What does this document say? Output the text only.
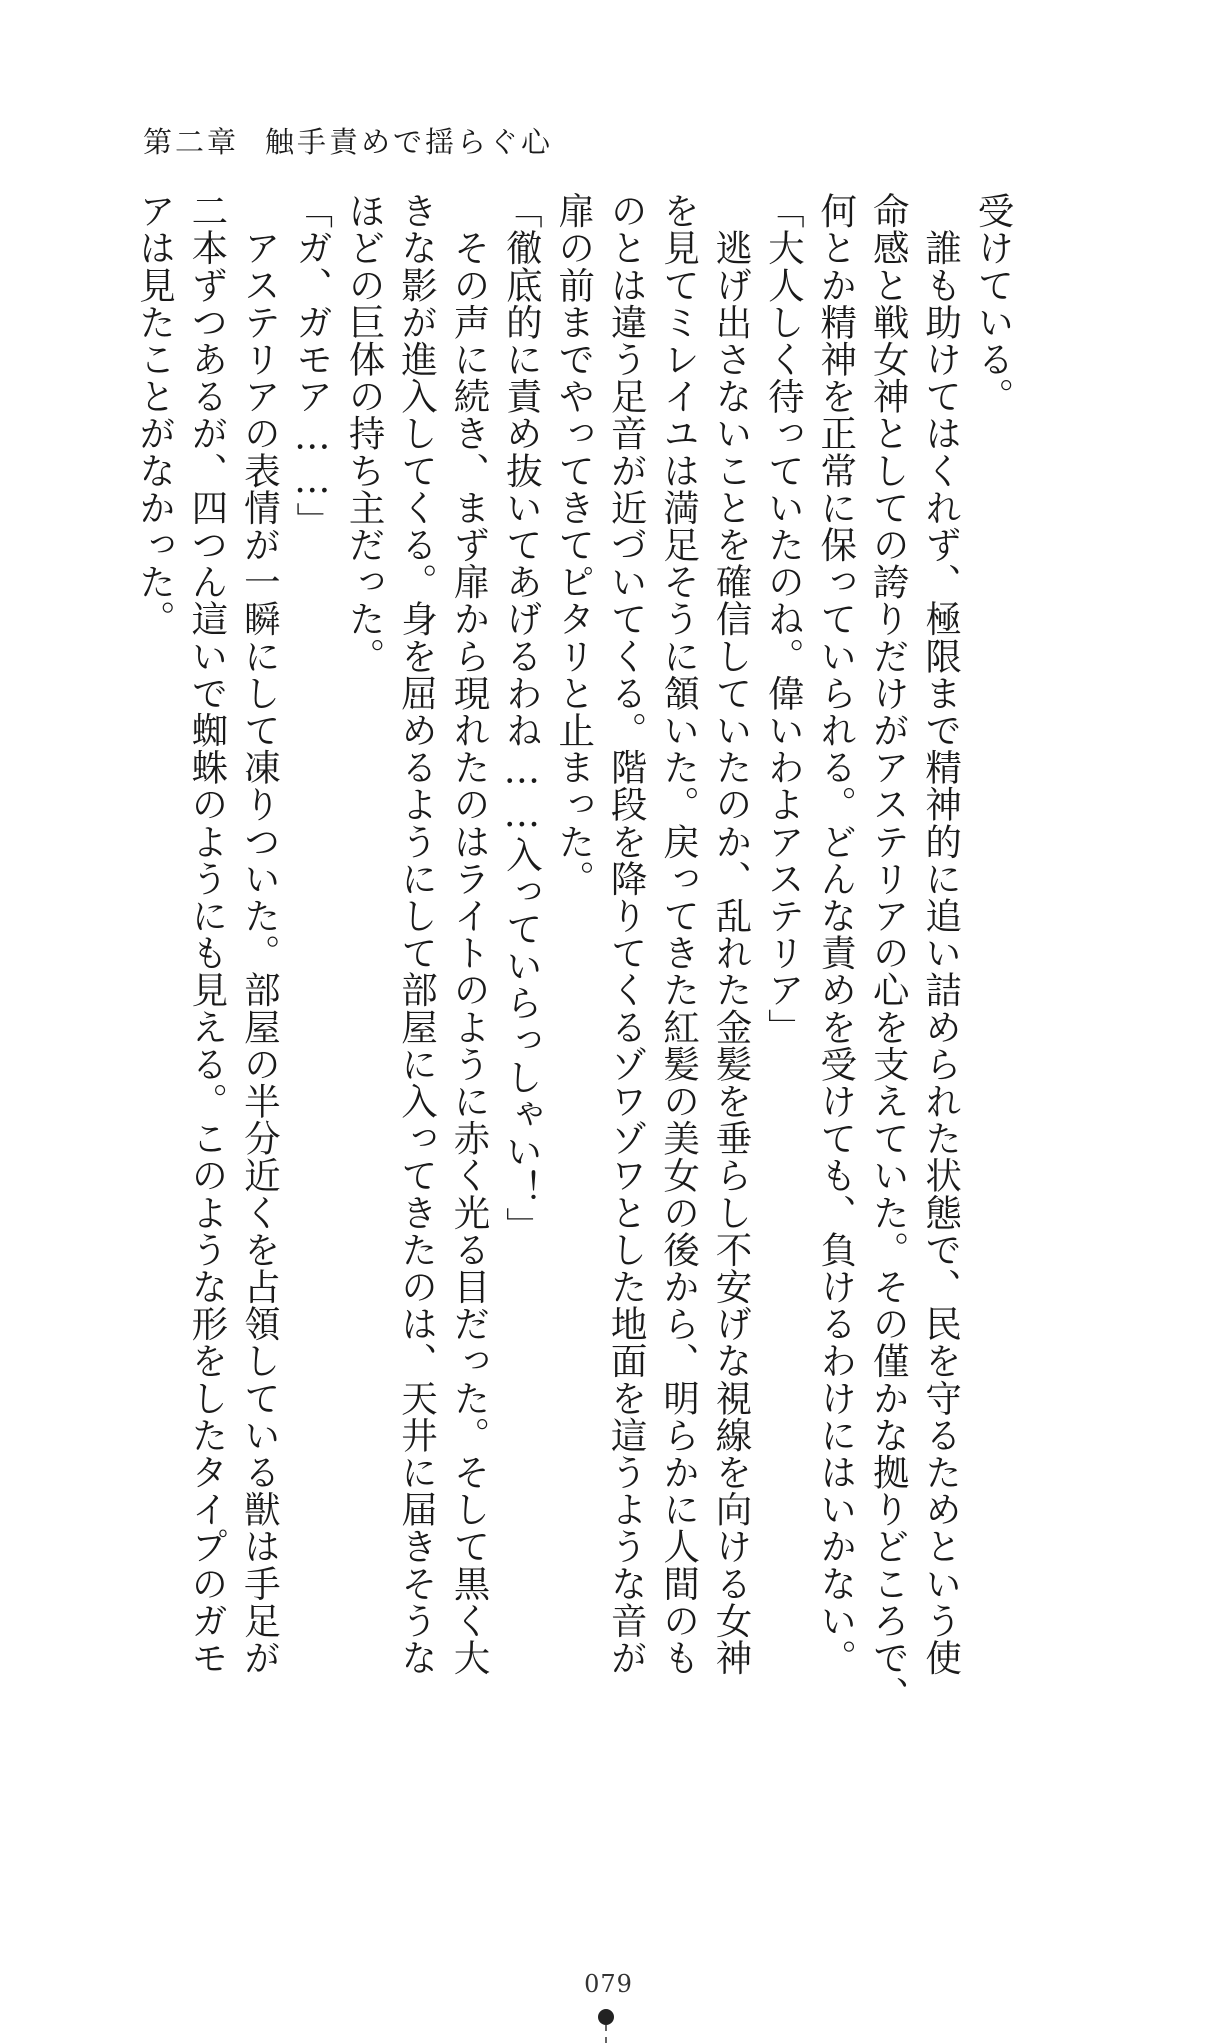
第二章 触手責めで揺らぐ心
受けている。
　誰も助けてはくれず、極限まで精神的に追い詰められた状態で、民を守るためという使
命感と戦女神としての誇りだけがアステリアの心を支えていた。その僅かな拠りどころで、
何とか精神を正常に保っていられる。どんな責めを受けても、負けるわけにはいかない。
「大人しく待っていたのね。偉いわよアステリア」
　逃げ出さないことを確信していたのか、乱れた金髪を垂らし不安げな視線を向ける女神
を見てミレイユは満足そうに頷いた。戻ってきた紅髪の美女の後から、明らかに人間のも
のとは違う足音が近づいてくる。階段を降りてくるゾワゾワとした地面を這うような音が
扉の前までやってきてピタリと止まった。
「徹底的に責め抜いてあげるわね……入っていらっしゃい！」
　その声に続き、まず扉から現れたのはライトのように赤く光る目だった。そして黒く大
きな影が進入してくる。身を屈めるようにして部屋に入ってきたのは、天井に届きそうな
ほどの巨体の持ち主だった。
「ガ、ガモア……」
　アステリアの表情が一瞬にして凍りついた。部屋の半分近くを占領している獣は手足が
二本ずつあるが、四つん這いで蜘蛛のようにも見える。このような形をしたタイプのガモ
アは見たことがなかった。
079
